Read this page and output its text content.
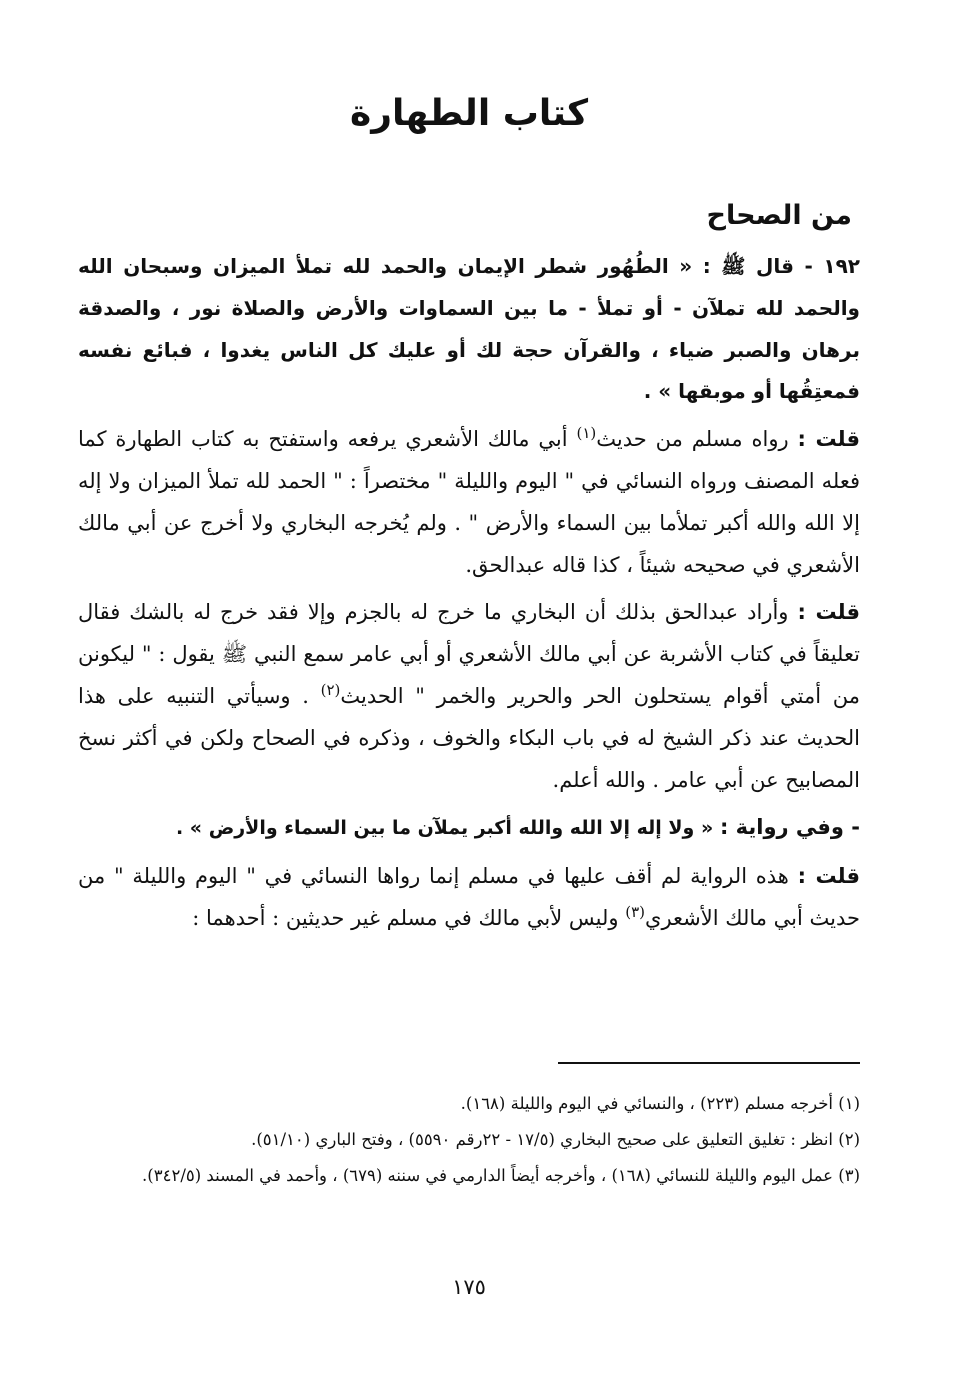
كتاب الطهارة
من الصحاح

١٩٢ - قال ﷺ : « الطُهُور شطر الإيمان والحمد لله تملأ الميزان وسبحان الله والحمد لله تملآن - أو تملأ - ما بين السماوات والأرض والصلاة نور ، والصدقة برهان والصبر ضياء ، والقرآن حجة لك أو عليك كل الناس يغدوا ، فبائع نفسه فمعتِقُها أو موبقها » .

قلت : رواه مسلم من حديث$^{(١)}$ أبي مالك الأشعري يرفعه واستفتح به كتاب الطهارة كما فعله المصنف ورواه النسائي في " اليوم والليلة " مختصراً : " الحمد لله تملأ الميزان ولا إله إلا الله والله أكبر تملأما بين السماء والأرض " . ولم يُخرجه البخاري ولا أخرج عن أبي مالك الأشعري في صحيحه شيئاً ، كذا قاله عبدالحق.

قلت : وأراد عبدالحق بذلك أن البخاري ما خرج له بالجزم وإلا فقد خرج له بالشك فقال تعليقاً في كتاب الأشربة عن أبي مالك الأشعري أو أبي عامر سمع النبي ﷺ يقول : " ليكونن من أمتي أقوام يستحلون الحر والحرير والخمر " الحديث$^{(٢)}$ . وسيأتي التنبيه على هذا الحديث عند ذكر الشيخ له في باب البكاء والخوف ، وذكره في الصحاح ولكن في أكثر نسخ المصابيح عن أبي عامر . والله أعلم.

- وفي رواية : « ولا إله إلا الله والله أكبر يملآن ما بين السماء والأرض » .

قلت : هذه الرواية لم أقف عليها في مسلم إنما رواها النسائي في " اليوم والليلة " من حديث أبي مالك الأشعري$^{(٣)}$ وليس لأبي مالك في مسلم غير حديثين : أحدهما :

(١) أخرجه مسلم (٢٢٣) ، والنسائي في اليوم والليلة (١٦٨).

(٢) انظر : تغليق التعليق على صحيح البخاري (١٧/٥ - ٢٢رقم ٥٥٩٠) ، وفتح الباري (٥١/١٠).

(٣) عمل اليوم والليلة للنسائي (١٦٨) ، وأخرجه أيضاً الدارمي في سننه (٦٧٩) ، وأحمد في المسند (٣٤٢/٥).

١٧٥
